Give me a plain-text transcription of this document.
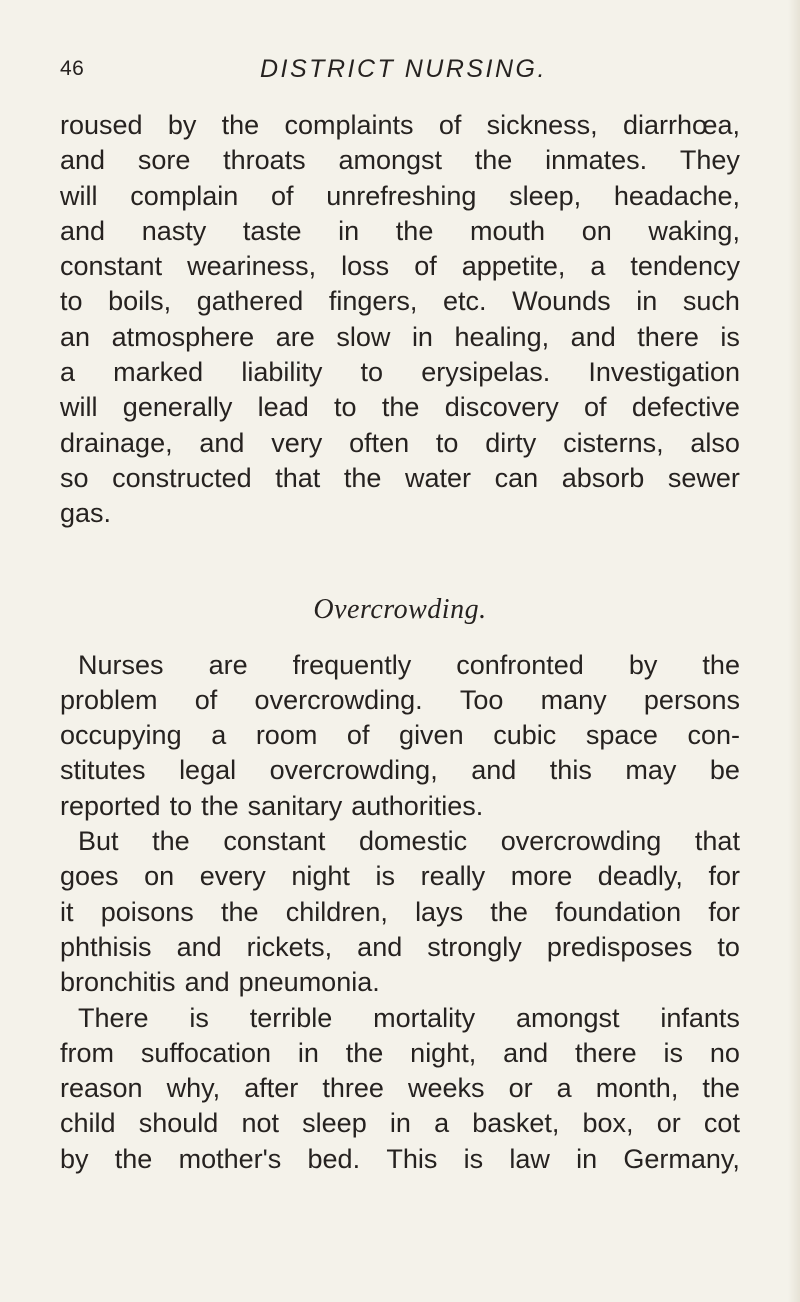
46	DISTRICT NURSING.
roused by the complaints of sickness, diarrhœa,
and sore throats amongst the inmates. They
will complain of unrefreshing sleep, headache,
and nasty taste in the mouth on waking,
constant weariness, loss of appetite, a tendency
to boils, gathered fingers, etc. Wounds in such
an atmosphere are slow in healing, and there is
a marked liability to erysipelas. Investigation
will generally lead to the discovery of defective
drainage, and very often to dirty cisterns, also
so constructed that the water can absorb sewer
gas.
Overcrowding.
Nurses are frequently confronted by the
problem of overcrowding. Too many persons
occupying a room of given cubic space con-
stitutes legal overcrowding, and this may be
reported to the sanitary authorities.
But the constant domestic overcrowding that
goes on every night is really more deadly, for
it poisons the children, lays the foundation for
phthisis and rickets, and strongly predisposes to
bronchitis and pneumonia.
There is terrible mortality amongst infants
from suffocation in the night, and there is no
reason why, after three weeks or a month, the
child should not sleep in a basket, box, or cot
by the mother's bed. This is law in Germany,
